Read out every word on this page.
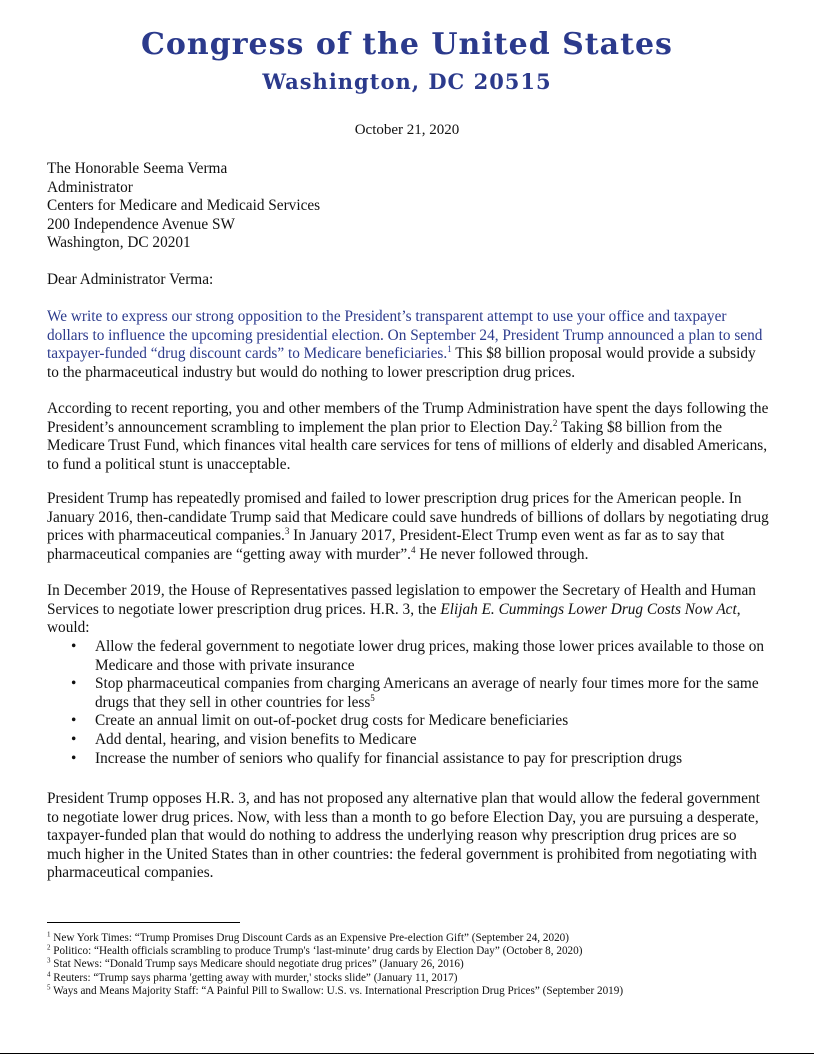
Congress of the United States
Washington, DC 20515
October 21, 2020
The Honorable Seema Verma
Administrator
Centers for Medicare and Medicaid Services
200 Independence Avenue SW
Washington, DC 20201
Dear Administrator Verma:

We write to express our strong opposition to the President’s transparent attempt to use your office and taxpayer dollars to influence the upcoming presidential election. On September 24, President Trump announced a plan to send taxpayer-funded “drug discount cards” to Medicare beneficiaries.$^1$ This $8 billion proposal would provide a subsidy to the pharmaceutical industry but would do nothing to lower prescription drug prices.

According to recent reporting, you and other members of the Trump Administration have spent the days following the President’s announcement scrambling to implement the plan prior to Election Day.$^2$ Taking $8 billion from the Medicare Trust Fund, which finances vital health care services for tens of millions of elderly and disabled Americans, to fund a political stunt is unacceptable.

President Trump has repeatedly promised and failed to lower prescription drug prices for the American people. In January 2016, then-candidate Trump said that Medicare could save hundreds of billions of dollars by negotiating drug prices with pharmaceutical companies.$^3$ In January 2017, President-Elect Trump even went as far as to say that pharmaceutical companies are “getting away with murder”.$^4$ He never followed through.

In December 2019, the House of Representatives passed legislation to empower the Secretary of Health and Human Services to negotiate lower prescription drug prices. H.R. 3, the Elijah E. Cummings Lower Drug Costs Now Act, would:

• Allow the federal government to negotiate lower drug prices, making those lower prices available to those on Medicare and those with private insurance
• Stop pharmaceutical companies from charging Americans an average of nearly four times more for the same drugs that they sell in other countries for less$^5$
• Create an annual limit on out-of-pocket drug costs for Medicare beneficiaries
• Add dental, hearing, and vision benefits to Medicare
• Increase the number of seniors who qualify for financial assistance to pay for prescription drugs

President Trump opposes H.R. 3, and has not proposed any alternative plan that would allow the federal government to negotiate lower drug prices. Now, with less than a month to go before Election Day, you are pursuing a desperate, taxpayer-funded plan that would do nothing to address the underlying reason why prescription drug prices are so much higher in the United States than in other countries: the federal government is prohibited from negotiating with pharmaceutical companies.

$^1$ New York Times: “Trump Promises Drug Discount Cards as an Expensive Pre-election Gift” (September 24, 2020)
$^2$ Politico: “Health officials scrambling to produce Trump's ‘last-minute’ drug cards by Election Day” (October 8, 2020)
$^3$ Stat News: “Donald Trump says Medicare should negotiate drug prices” (January 26, 2016)
$^4$ Reuters: “Trump says pharma 'getting away with murder,' stocks slide” (January 11, 2017)
$^5$ Ways and Means Majority Staff: “A Painful Pill to Swallow: U.S. vs. International Prescription Drug Prices” (September 2019)
